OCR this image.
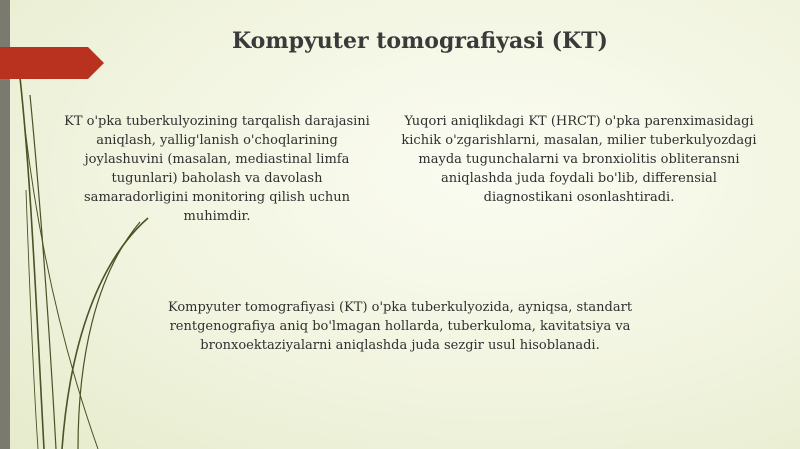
Kompyuter tomografiyasi (KT)
KT o'pka tuberkulyozining tarqalish darajasini aniqlash, yallig'lanish o'choqlarining joylashuvini (masalan, mediastinal limfa tugunlari) baholash va davolash samaradorligini monitoring qilish uchun muhimdir.
Yuqori aniqlikdagi KT (HRCT) o'pka parenximasidagi kichik o'zgarishlarni, masalan, milier tuberkulyozdagi mayda tugunchalarni va bronxiolitis obliteransni aniqlashda juda foydali bo'lib, differensial diagnostikani osonlashtiradi.
Kompyuter tomografiyasi (KT) o'pka tuberkulyozida, ayniqsa, standart rentgenografiya aniq bo'lmagan hollarda, tuberkuloma, kavitatsiya va bronxoektaziyalarni aniqlashda juda sezgir usul hisoblanadi.
